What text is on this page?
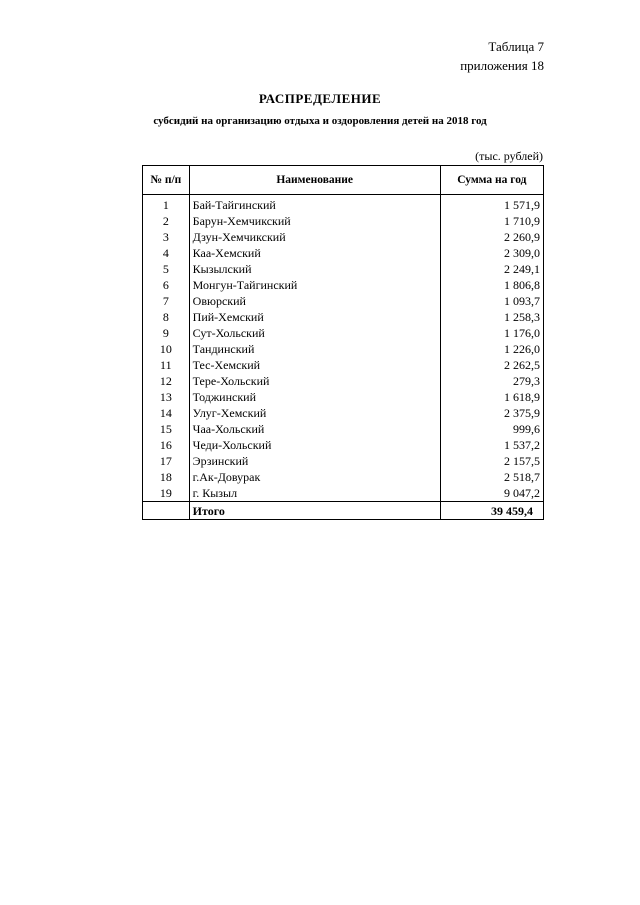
Таблица 7
приложения 18
РАСПРЕДЕЛЕНИЕ
субсидий на организацию отдыха и оздоровления детей на 2018 год
(тыс. рублей)
№ п/п	Наименование	Сумма на год
1	Бай-Тайгинский	1 571,9
2	Барун-Хемчикский	1 710,9
3	Дзун-Хемчикский	2 260,9
4	Каа-Хемский	2 309,0
5	Кызылский	2 249,1
6	Монгун-Тайгинский	1 806,8
7	Овюрский	1 093,7
8	Пий-Хемский	1 258,3
9	Сут-Хольский	1 176,0
10	Тандинский	1 226,0
11	Тес-Хемский	2 262,5
12	Тере-Хольский	279,3
13	Тоджинский	1 618,9
14	Улуг-Хемский	2 375,9
15	Чаа-Хольский	999,6
16	Чеди-Хольский	1 537,2
17	Эрзинский	2 157,5
18	г.Ак-Довурак	2 518,7
19	г. Кызыл	9 047,2
	Итого	39 459,4
